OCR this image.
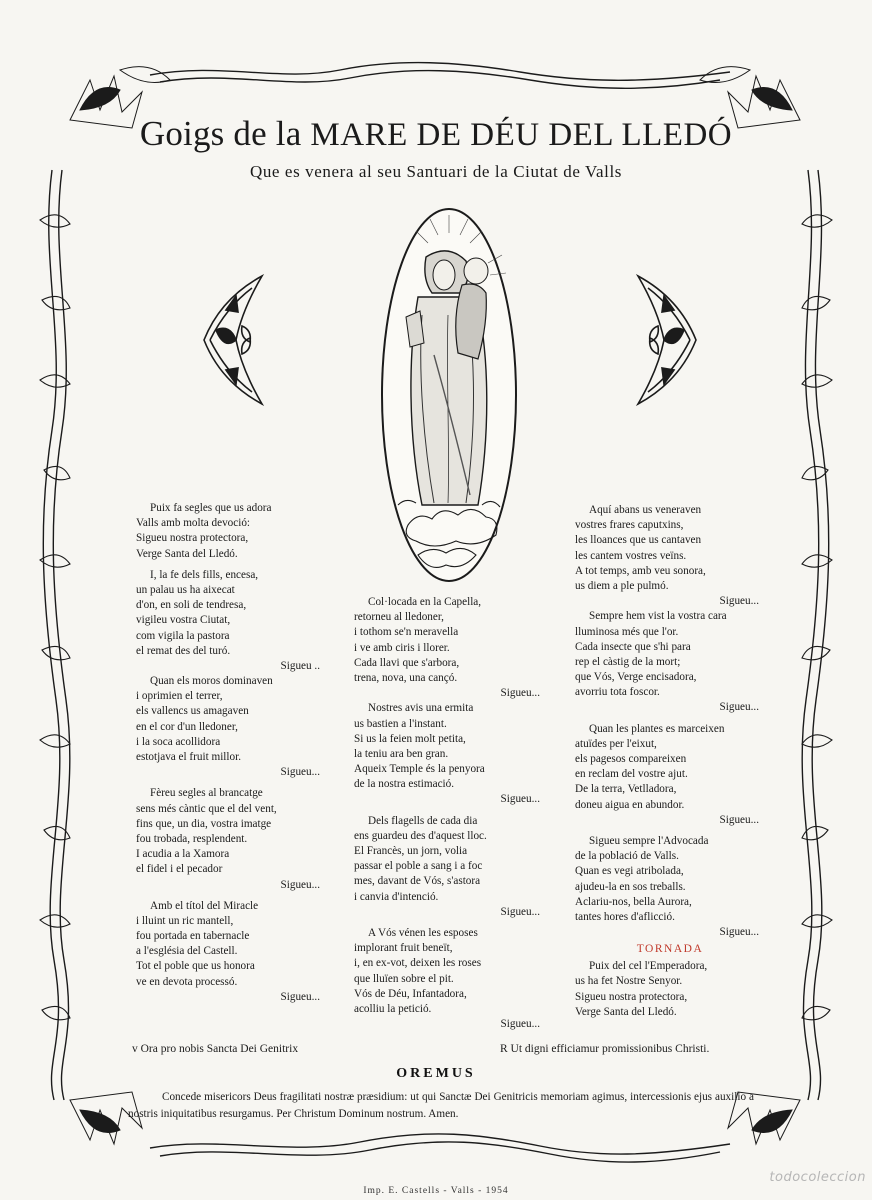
Goigs de la MARE DE DÉU DEL LLEDÓ
Que es venera al seu Santuari de la Ciutat de Valls
Puix fa segles que us adora
Valls amb molta devoció:
Sigueu nostra protectora,
Verge Santa del Lledó.
I, la fe dels fills, encesa,
un palau us ha aixecat
d'on, en soli de tendresa,
vigileu vostra Ciutat,
com vigila la pastora
el remat des del turó.
Sigueu ..
Quan els moros dominaven
i oprimien el terrer,
els vallencs us amagaven
en el cor d'un lledoner,
i la soca acollidora
estotjava el fruit millor.
Sigueu...
Fèreu segles al brancatge
sens més càntic que el del vent,
fins que, un dia, vostra imatge
fou trobada, resplendent.
I acudia a la Xamora
el fidel i el pecador
Sigueu...
Amb el títol del Miracle
i lluint un ric mantell,
fou portada en tabernacle
a l'església del Castell.
Tot el poble que us honora
ve en devota processó.
Sigueu...
Col·locada en la Capella,
retorneu al lledoner,
i tothom se'n meravella
i ve amb ciris i llorer.
Cada llavi que s'arbora,
trena, nova, una cançó.
Sigueu...
Nostres avis una ermita
us bastien a l'instant.
Si us la feien molt petita,
la teniu ara ben gran.
Aqueix Temple és la penyora
de la nostra estimació.
Sigueu...
Dels flagells de cada dia
ens guardeu des d'aquest lloc.
El Francès, un jorn, volia
passar el poble a sang i a foc
mes, davant de Vós, s'astora
i canvia d'intenció.
Sigueu...
A Vós vénen les esposes
implorant fruit beneït,
i, en ex-vot, deixen les roses
que lluïen sobre el pit.
Vós de Déu, Infantadora,
acolliu la petició.
Sigueu...
Aquí abans us veneraven
vostres frares caputxins,
les lloances que us cantaven
les cantem vostres veïns.
A tot temps, amb veu sonora,
us diem a ple pulmó.
Sigueu...
Sempre hem vist la vostra cara
lluminosa més que l'or.
Cada insecte que s'hi para
rep el càstig de la mort;
que Vós, Verge encisadora,
avorriu tota foscor.
Sigueu...
Quan les plantes es marceixen
atuïdes per l'eixut,
els pagesos compareixen
en reclam del vostre ajut.
De la terra, Vetlladora,
doneu aigua en abundor.
Sigueu...
Sigueu sempre l'Advocada
de la població de Valls.
Quan es vegi atribolada,
ajudeu-la en sos treballs.
Aclariu-nos, bella Aurora,
tantes hores d'aflicció.
Sigueu...
TORNADA
Puix del cel l'Emperadora,
us ha fet Nostre Senyor.
Sigueu nostra protectora,
Verge Santa del Lledó.
v Ora pro nobis Sancta Dei Genitrix	R Ut digni efficiamur promissionibus Christi.
OREMUS
Concede misericors Deus fragilitati nostræ præsidium: ut qui Sanctæ Dei Genitricis memoriam agimus, intercessionis ejus auxilio a nostris iniquitatibus resurgamus. Per Christum Dominum nostrum. Amen.
Imp. E. Castells - Valls - 1954
todocoleccion
